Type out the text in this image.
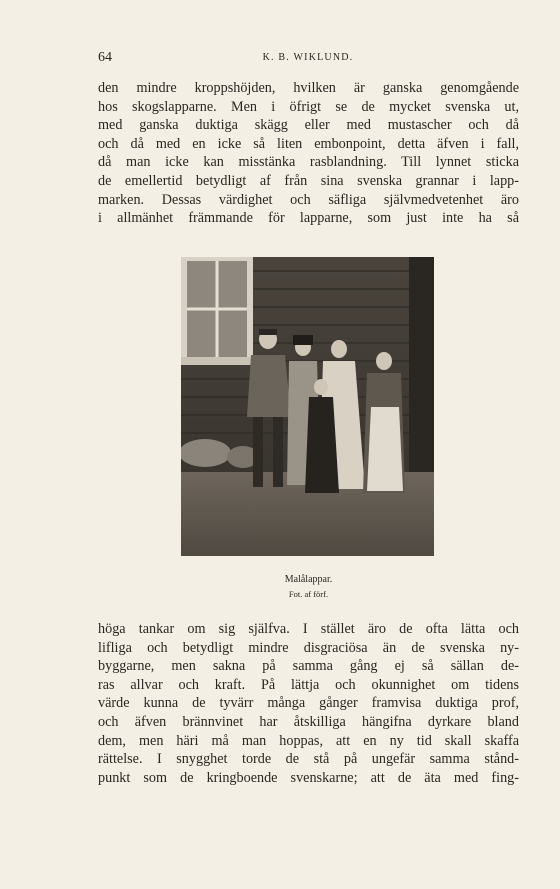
64	K. B. WIKLUND.
den mindre kroppshöjden, hvilken är ganska genomgående
hos skogslapparne. Men i öfrigt se de mycket svenska ut,
med ganska duktiga skägg eller med mustascher och då
och då med en icke så liten embonpoint, detta äfven i fall,
då man icke kan misstänka rasblandning. Till lynnet sticka
de emellertid betydligt af från sina svenska grannar i lapp-
marken. Dessas värdighet och säfliga självmedvetenhet äro
i allmänhet främmande för lapparne, som just inte ha så
Malålappar.
Fot. af förf.
höga tankar om sig själfva. I stället äro de ofta lätta och
lifliga och betydligt mindre disgraciösa än de svenska ny-
byggarne, men sakna på samma gång ej så sällan de-
ras allvar och kraft. På lättja och okunnighet om tidens
värde kunna de tyvärr många gånger framvisa duktiga prof,
och äfven brännvinet har åtskilliga hängifna dyrkare bland
dem, men häri må man hoppas, att en ny tid skall skaffa
rättelse. I snygghet torde de stå på ungefär samma stånd-
punkt som de kringboende svenskarne; att de äta med fing-
